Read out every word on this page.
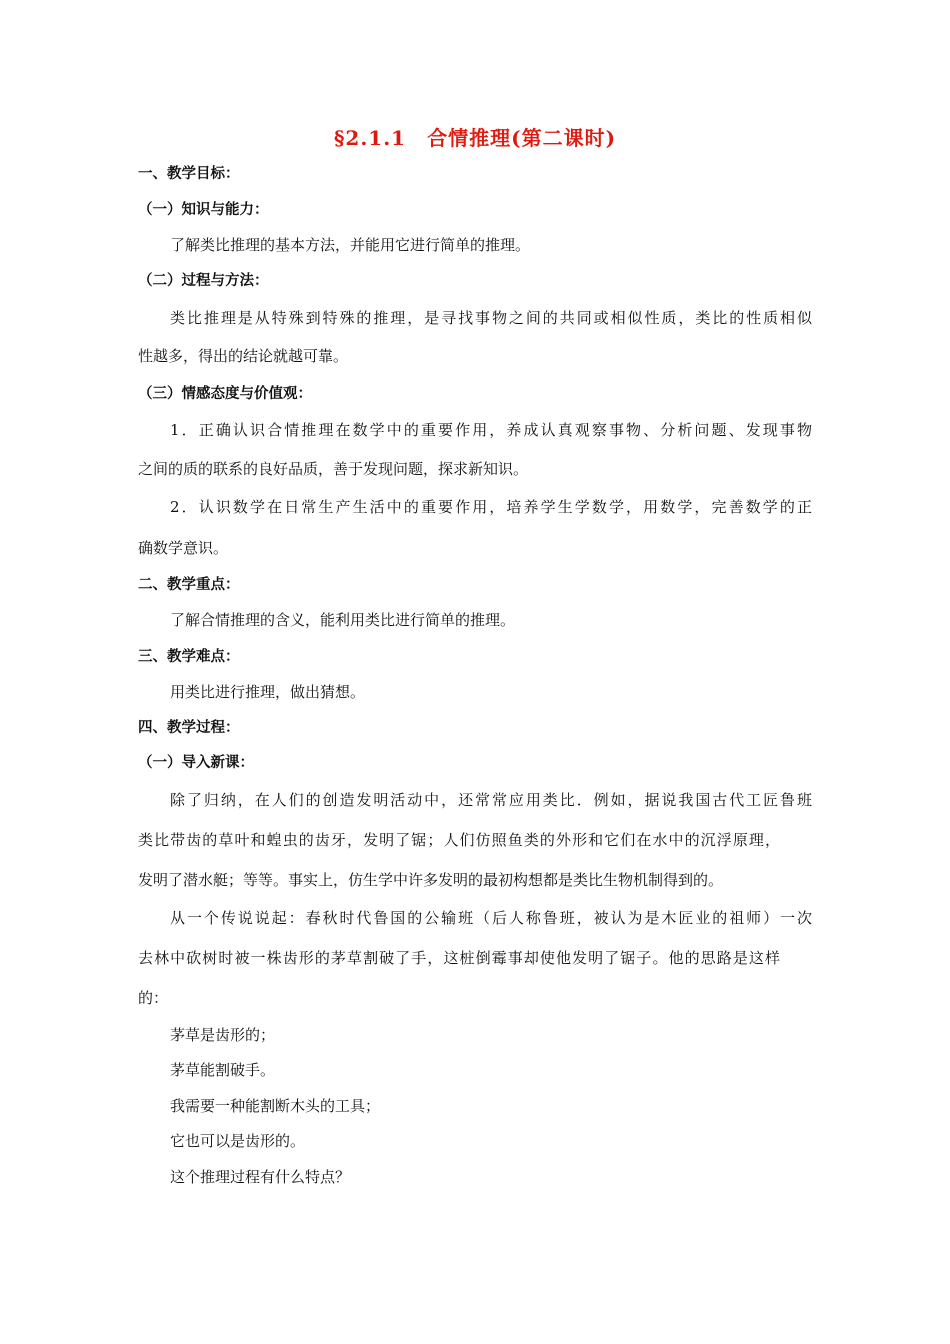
§2.1.1　合情推理(第二课时)
一、教学目标：
（一）知识与能力：
了解类比推理的基本方法，并能用它进行简单的推理。
（二）过程与方法：
类比推理是从特殊到特殊的推理，是寻找事物之间的共同或相似性质，类比的性质相似
性越多，得出的结论就越可靠。
（三）情感态度与价值观：
1．正确认识合情推理在数学中的重要作用，养成认真观察事物、分析问题、发现事物
之间的质的联系的良好品质，善于发现问题，探求新知识。
2．认识数学在日常生产生活中的重要作用，培养学生学数学，用数学，完善数学的正
确数学意识。
二、教学重点：
了解合情推理的含义，能利用类比进行简单的推理。
三、教学难点：
用类比进行推理，做出猜想。
四、教学过程：
（一）导入新课：
除了归纳，在人们的创造发明活动中，还常常应用类比．例如，据说我国古代工匠鲁班
类比带齿的草叶和蝗虫的齿牙，发明了锯；人们仿照鱼类的外形和它们在水中的沉浮原理，
发明了潜水艇；等等。事实上，仿生学中许多发明的最初构想都是类比生物机制得到的。
从一个传说说起：春秋时代鲁国的公输班（后人称鲁班，被认为是木匠业的祖师）一次
去林中砍树时被一株齿形的茅草割破了手，这桩倒霉事却使他发明了锯子。他的思路是这样
的：
茅草是齿形的；
茅草能割破手。
我需要一种能割断木头的工具；
它也可以是齿形的。
这个推理过程有什么特点？
